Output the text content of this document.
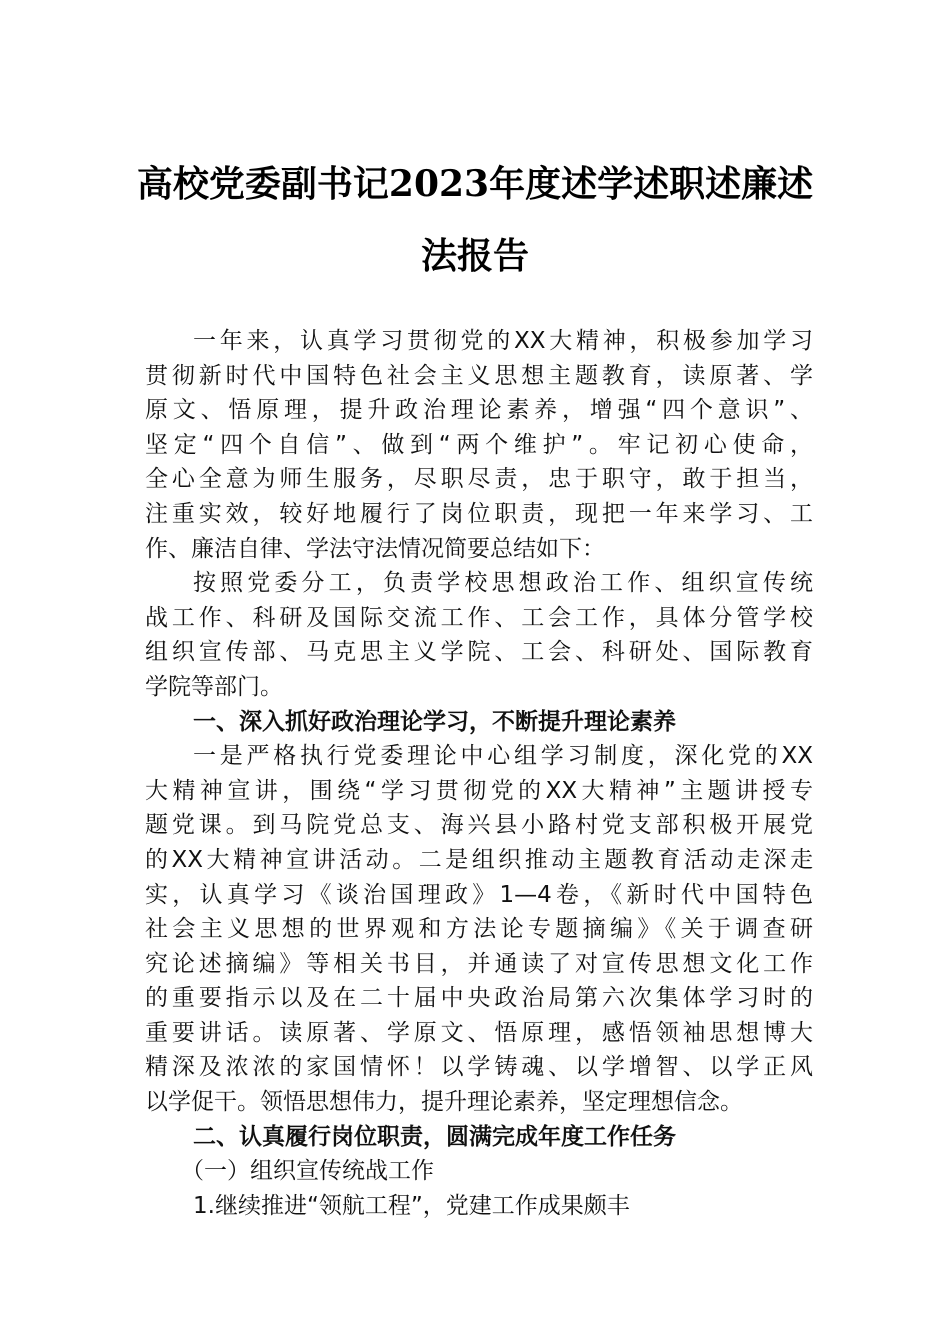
高校党委副书记2023年度述学述职述廉述
法报告
一年来，认真学习贯彻党的XX大精神，积极参加学习
贯彻新时代中国特色社会主义思想主题教育，读原著、学
原文、悟原理，提升政治理论素养，增强“四个意识”、
坚定“四个自信”、做到“两个维护”。牢记初心使命，
全心全意为师生服务，尽职尽责，忠于职守，敢于担当，
注重实效，较好地履行了岗位职责，现把一年来学习、工
作、廉洁自律、学法守法情况简要总结如下：
按照党委分工，负责学校思想政治工作、组织宣传统
战工作、科研及国际交流工作、工会工作，具体分管学校
组织宣传部、马克思主义学院、工会、科研处、国际教育
学院等部门。
一、深入抓好政治理论学习，不断提升理论素养
一是严格执行党委理论中心组学习制度，深化党的XX
大精神宣讲，围绕“学习贯彻党的XX大精神”主题讲授专
题党课。到马院党总支、海兴县小路村党支部积极开展党
的XX大精神宣讲活动。二是组织推动主题教育活动走深走
实，认真学习《谈治国理政》1—4卷，《新时代中国特色
社会主义思想的世界观和方法论专题摘编》《关于调查研
究论述摘编》等相关书目，并通读了对宣传思想文化工作
的重要指示以及在二十届中央政治局第六次集体学习时的
重要讲话。读原著、学原文、悟原理，感悟领袖思想博大
精深及浓浓的家国情怀！以学铸魂、以学增智、以学正风
以学促干。领悟思想伟力，提升理论素养，坚定理想信念。
二、认真履行岗位职责，圆满完成年度工作任务
（一）组织宣传统战工作
1.继续推进“领航工程”，党建工作成果颇丰
